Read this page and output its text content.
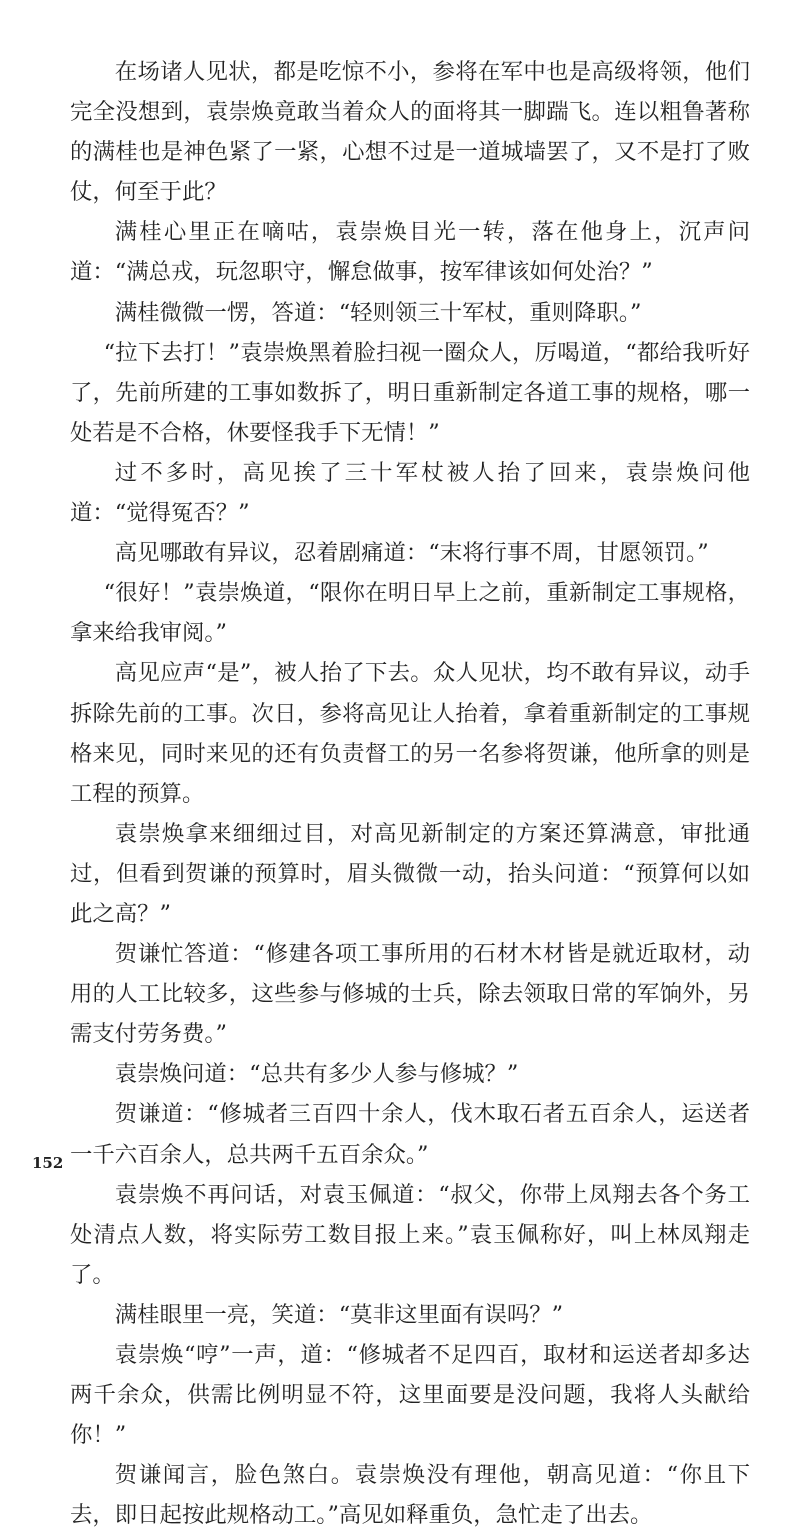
在场诸人见状，都是吃惊不小，参将在军中也是高级将领，他们完全没想到，袁崇焕竟敢当着众人的面将其一脚踹飞。连以粗鲁著称的满桂也是神色紧了一紧，心想不过是一道城墙罢了，又不是打了败仗，何至于此？

满桂心里正在嘀咕，袁崇焕目光一转，落在他身上，沉声问道：“满总戎，玩忽职守，懈怠做事，按军律该如何处治？”

满桂微微一愣，答道：“轻则领三十军杖，重则降职。”

“拉下去打！”袁崇焕黑着脸扫视一圈众人，厉喝道，“都给我听好了，先前所建的工事如数拆了，明日重新制定各道工事的规格，哪一处若是不合格，休要怪我手下无情！”

过不多时，高见挨了三十军杖被人抬了回来，袁崇焕问他道：“觉得冤否？”

高见哪敢有异议，忍着剧痛道：“末将行事不周，甘愿领罚。”

“很好！”袁崇焕道，“限你在明日早上之前，重新制定工事规格，拿来给我审阅。”

高见应声“是”，被人抬了下去。众人见状，均不敢有异议，动手拆除先前的工事。次日，参将高见让人抬着，拿着重新制定的工事规格来见，同时来见的还有负责督工的另一名参将贺谦，他所拿的则是工程的预算。

袁崇焕拿来细细过目，对高见新制定的方案还算满意，审批通过，但看到贺谦的预算时，眉头微微一动，抬头问道：“预算何以如此之高？”

贺谦忙答道：“修建各项工事所用的石材木材皆是就近取材，动用的人工比较多，这些参与修城的士兵，除去领取日常的军饷外，另需支付劳务费。”

袁崇焕问道：“总共有多少人参与修城？”

贺谦道：“修城者三百四十余人，伐木取石者五百余人，运送者一千六百余人，总共两千五百余众。”

袁崇焕不再问话，对袁玉佩道：“叔父，你带上凤翔去各个务工处清点人数，将实际劳工数目报上来。”袁玉佩称好，叫上林凤翔走了。

满桂眼里一亮，笑道：“莫非这里面有误吗？”

袁崇焕“哼”一声，道：“修城者不足四百，取材和运送者却多达两千余众，供需比例明显不符，这里面要是没问题，我将人头献给你！”

贺谦闻言，脸色煞白。袁崇焕没有理他，朝高见道：“你且下去，即日起按此规格动工。”高见如释重负，急忙走了出去。

152
